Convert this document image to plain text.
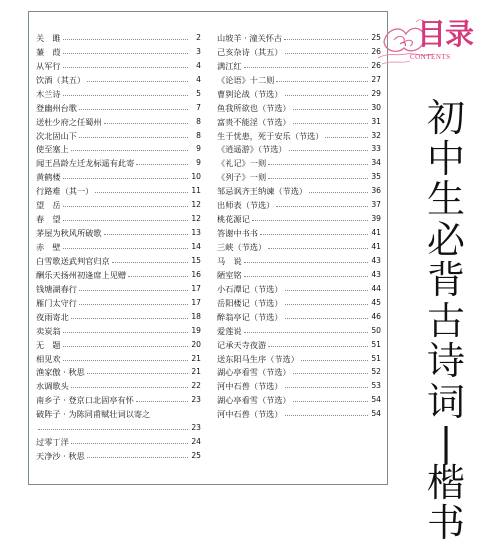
关　雎	2
蒹　葭	3
从军行	4
饮酒（其五）	4
木兰诗	5
登幽州台歌	7
送杜少府之任蜀州	8
次北固山下	8
使至塞上	9
闻王昌龄左迁龙标遥有此寄	9
黄鹤楼	10
行路难（其一）	11
望　岳	12
春　望	12
茅屋为秋风所破歌	13
赤　壁	14
白雪歌送武判官归京	15
酬乐天扬州初逢席上见赠	16
钱塘湖春行	17
雁门太守行	17
夜雨寄北	18
卖炭翁	19
无　题	20
相见欢	21
渔家傲 · 秋思	21
水调歌头	22
南乡子 · 登京口北固亭有怀	23
破阵子 · 为陈同甫赋壮词以寄之
23
过零丁洋	24
天净沙 · 秋思	25
山坡羊 · 潼关怀古	25
己亥杂诗（其五）	26
满江红	26
《论语》十二则	27
曹刿论战（节选）	29
鱼我所欲也（节选）	30
富贵不能淫（节选）	31
生于忧患，死于安乐（节选）	32
《逍遥游》（节选）	33
《礼记》一则	34
《列子》一则	35
邹忌讽齐王纳谏（节选）	36
出师表（节选）	37
桃花源记	39
答谢中书书	41
三峡（节选）	41
马　说	43
陋室铭	43
小石潭记（节选）	44
岳阳楼记（节选）	45
醉翁亭记（节选）	46
爱莲说	50
记承天寺夜游	51
送东阳马生序（节选）	51
湖心亭看雪（节选）	52
河中石兽（节选）	53
湖心亭看雪（节选）	54
河中石兽（节选）	54
目录
CONTENTS
初
中
生
必
背
古
诗
词
|
楷
书
